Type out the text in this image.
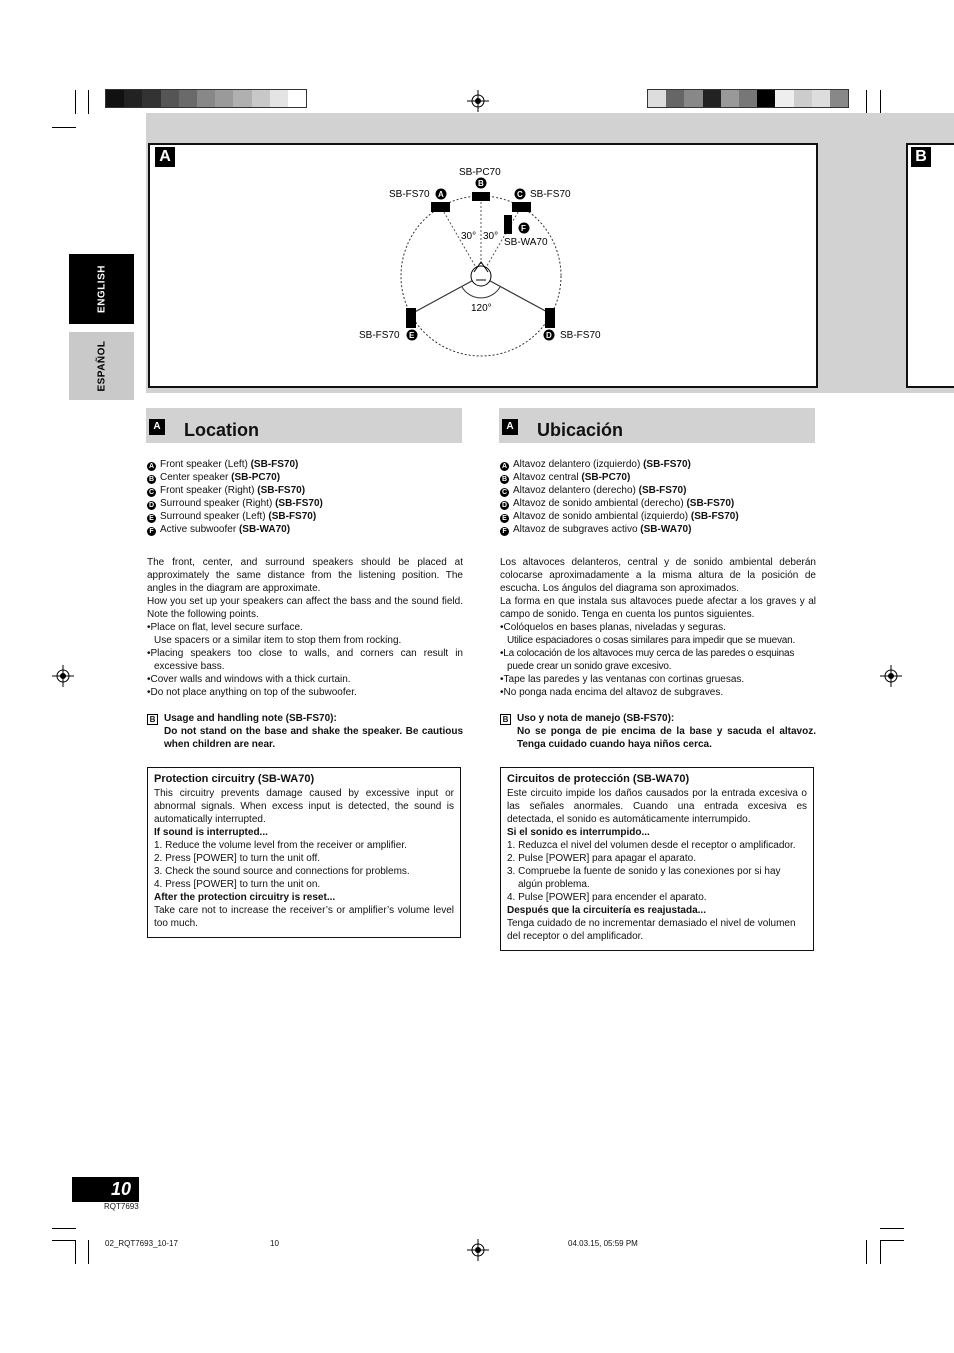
A	B
SB-PC70
SB-FS70	SB-FS70
SB-WA70
SB-FS70	SB-FS70
30° 30°
120°
A
B
C
D
E
F
ENGLISH
ESPAÑOL
A Location
A Front speaker (Left) (SB-FS70)
B Center speaker (SB-PC70)
C Front speaker (Right) (SB-FS70)
D Surround speaker (Right) (SB-FS70)
E Surround speaker (Left) (SB-FS70)
F Active subwoofer (SB-WA70)
The front, center, and surround speakers should be placed at approximately the same distance from the listening position. The angles in the diagram are approximate.
How you set up your speakers can affect the bass and the sound field. Note the following points.
•Place on flat, level secure surface.
Use spacers or a similar item to stop them from rocking.
•Placing speakers too close to walls, and corners can result in excessive bass.
•Cover walls and windows with a thick curtain.
•Do not place anything on top of the subwoofer.
B Usage and handling note (SB-FS70):
Do not stand on the base and shake the speaker. Be cautious when children are near.
Protection circuitry (SB-WA70)
This circuitry prevents damage caused by excessive input or abnormal signals. When excess input is detected, the sound is automatically interrupted.
If sound is interrupted...
1. Reduce the volume level from the receiver or amplifier.
2. Press [POWER] to turn the unit off.
3. Check the sound source and connections for problems.
4. Press [POWER] to turn the unit on.
After the protection circuitry is reset...
Take care not to increase the receiver’s or amplifier’s volume level too much.
A Ubicación
A Altavoz delantero (izquierdo) (SB-FS70)
B Altavoz central (SB-PC70)
C Altavoz delantero (derecho) (SB-FS70)
D Altavoz de sonido ambiental (derecho) (SB-FS70)
E Altavoz de sonido ambiental (izquierdo) (SB-FS70)
F Altavoz de subgraves activo (SB-WA70)
Los altavoces delanteros, central y de sonido ambiental deberán colocarse aproximadamente a la misma altura de la posición de escucha. Los ángulos del diagrama son aproximados.
La forma en que instala sus altavoces puede afectar a los graves y al campo de sonido. Tenga en cuenta los puntos siguientes.
•Colóquelos en bases planas, niveladas y seguras.
Utilice espaciadores o cosas similares para impedir que se muevan.
•La colocación de los altavoces muy cerca de las paredes o esquinas puede crear un sonido grave excesivo.
•Tape las paredes y las ventanas con cortinas gruesas.
•No ponga nada encima del altavoz de subgraves.
B Uso y nota de manejo (SB-FS70):
No se ponga de pie encima de la base y sacuda el altavoz. Tenga cuidado cuando haya niños cerca.
Circuitos de protección (SB-WA70)
Este circuito impide los daños causados por la entrada excesiva o las señales anormales. Cuando una entrada excesiva es detectada, el sonido es automáticamente interrumpido.
Si el sonido es interrumpido...
1. Reduzca el nivel del volumen desde el receptor o amplificador.
2. Pulse [POWER] para apagar el aparato.
3. Compruebe la fuente de sonido y las conexiones por si hay algún problema.
4. Pulse [POWER] para encender el aparato.
Después que la circuitería es reajustada...
Tenga cuidado de no incrementar demasiado el nivel de volumen del receptor o del amplificador.
10
RQT7693
02_RQT7693_10-17	10	04.03.15, 05:59 PM
